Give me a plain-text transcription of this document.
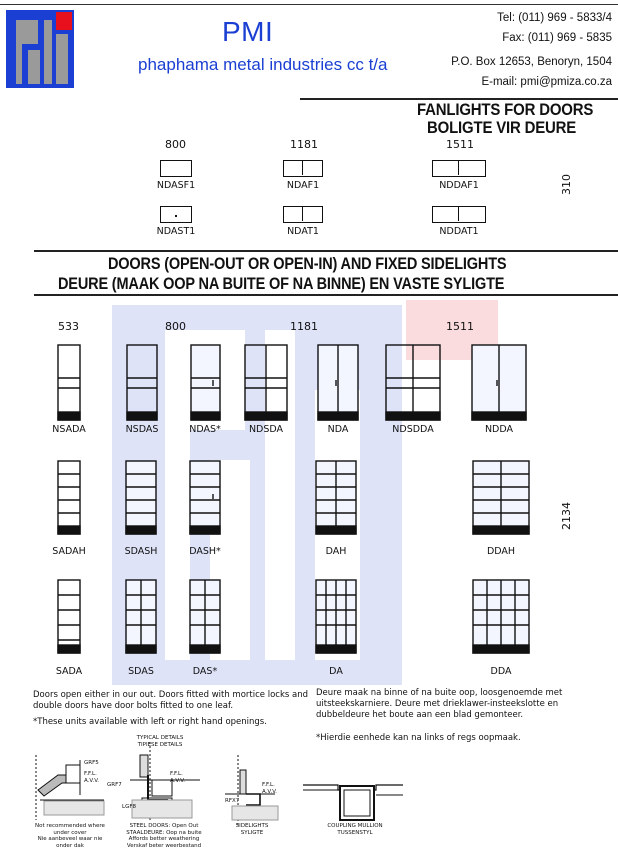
PMI
phaphama metal industries cc t/a
Tel: (011) 969 - 5833/4
Fax: (011) 969 - 5835
P.O. Box 12653, Benoryn, 1504
E-mail: pmi@pmiza.co.za
FANLIGHTS FOR DOORS
BOLIGTE VIR DEURE
800	1181	1511
310
NDASF1	NDAF1	NDDAF1
NDAST1	NDAT1	NDDAT1
DOORS (OPEN-OUT OR OPEN-IN) AND FIXED SIDELIGHTS
DEURE (MAAK OOP NA BUITE OF NA BINNE) EN VASTE SYLIGTE
533	800	1181	1511
2134
NSADA	NSDAS	NDAS*	NDSDA	NDA	NDSDDA	NDDA
SADAH	SDASH	DASH*	DAH	DDAH
SADA	SDAS	DAS*	DA	DDA
Doors open either in our out. Doors fitted with mortice locks and
double doors have door bolts fitted to one leaf.
*These units available with left or right hand openings.
Deure maak na binne of na buite oop, loosgenoemde met
uitsteekskarniere. Deure met drieklawer-insteekslotte en
dubbeldeure het boute aan een blad gemonteer.
*Hierdie eenhede kan na links of regs oopmaak.
TYPICAL DETAILS
TIPIESE DETAILS
GRF5
GRF7
LGF8
RFX7
F.F.L.
A.V.V.
F.F.L.
A.V.V.
F.F.L.
A.V.V.
Not recommended where under cover
Nie aanbeveel waar nie onder dak
STEEL DOORS: Open Out
STAALDEURE: Oop na buite
Affords better weathering
Verskaf beter weerbestand
SIDELIGHTS
SYLIGTE
COUPLING MULLION
TUSSENSTYL
